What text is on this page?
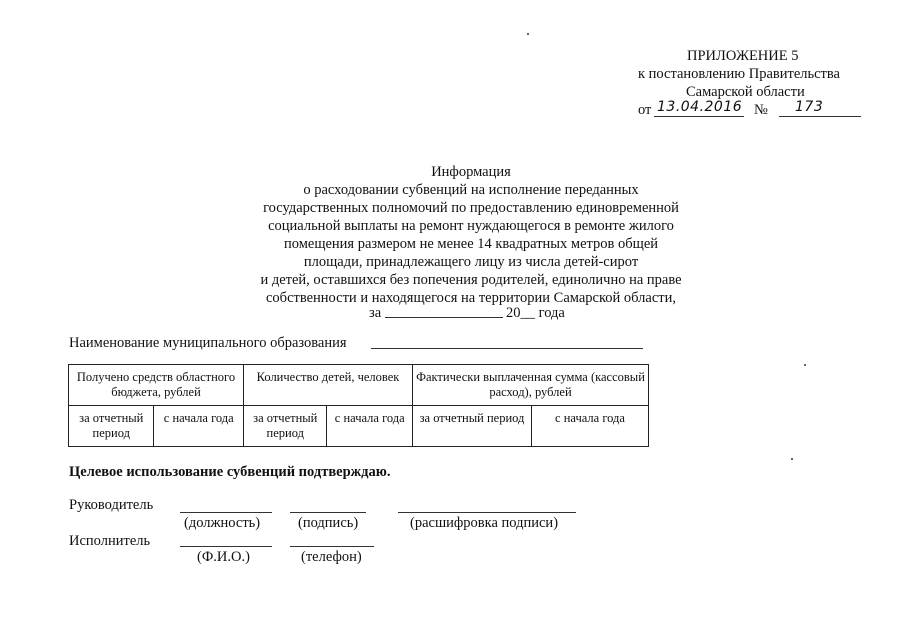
ПРИЛОЖЕНИЕ 5
к постановлению Правительства
Самарской области
от 13.04.2016 № 173
Информация
о расходовании субвенций на исполнение переданных
государственных полномочий по предоставлению единовременной
социальной выплаты на ремонт нуждающегося в ремонте жилого
помещения размером не менее 14 квадратных метров общей
площади, принадлежащего лицу из числа детей-сирот
и детей, оставшихся без попечения родителей, единолично на праве
собственности и находящегося на территории Самарской области,
за	20__ года
Наименование муниципального образования
Получено средств областного бюджета, рублей		Количество детей, человек		Фактически выплаченная сумма (кассовый расход), рублей	
за отчетный период	с начала года	за отчетный период	с начала года	за отчетный период	с начала года
Целевое использование субвенций подтверждаю.
Руководитель
(должность)	(подпись)	(расшифровка подписи)
Исполнитель
(Ф.И.О.)	(телефон)
